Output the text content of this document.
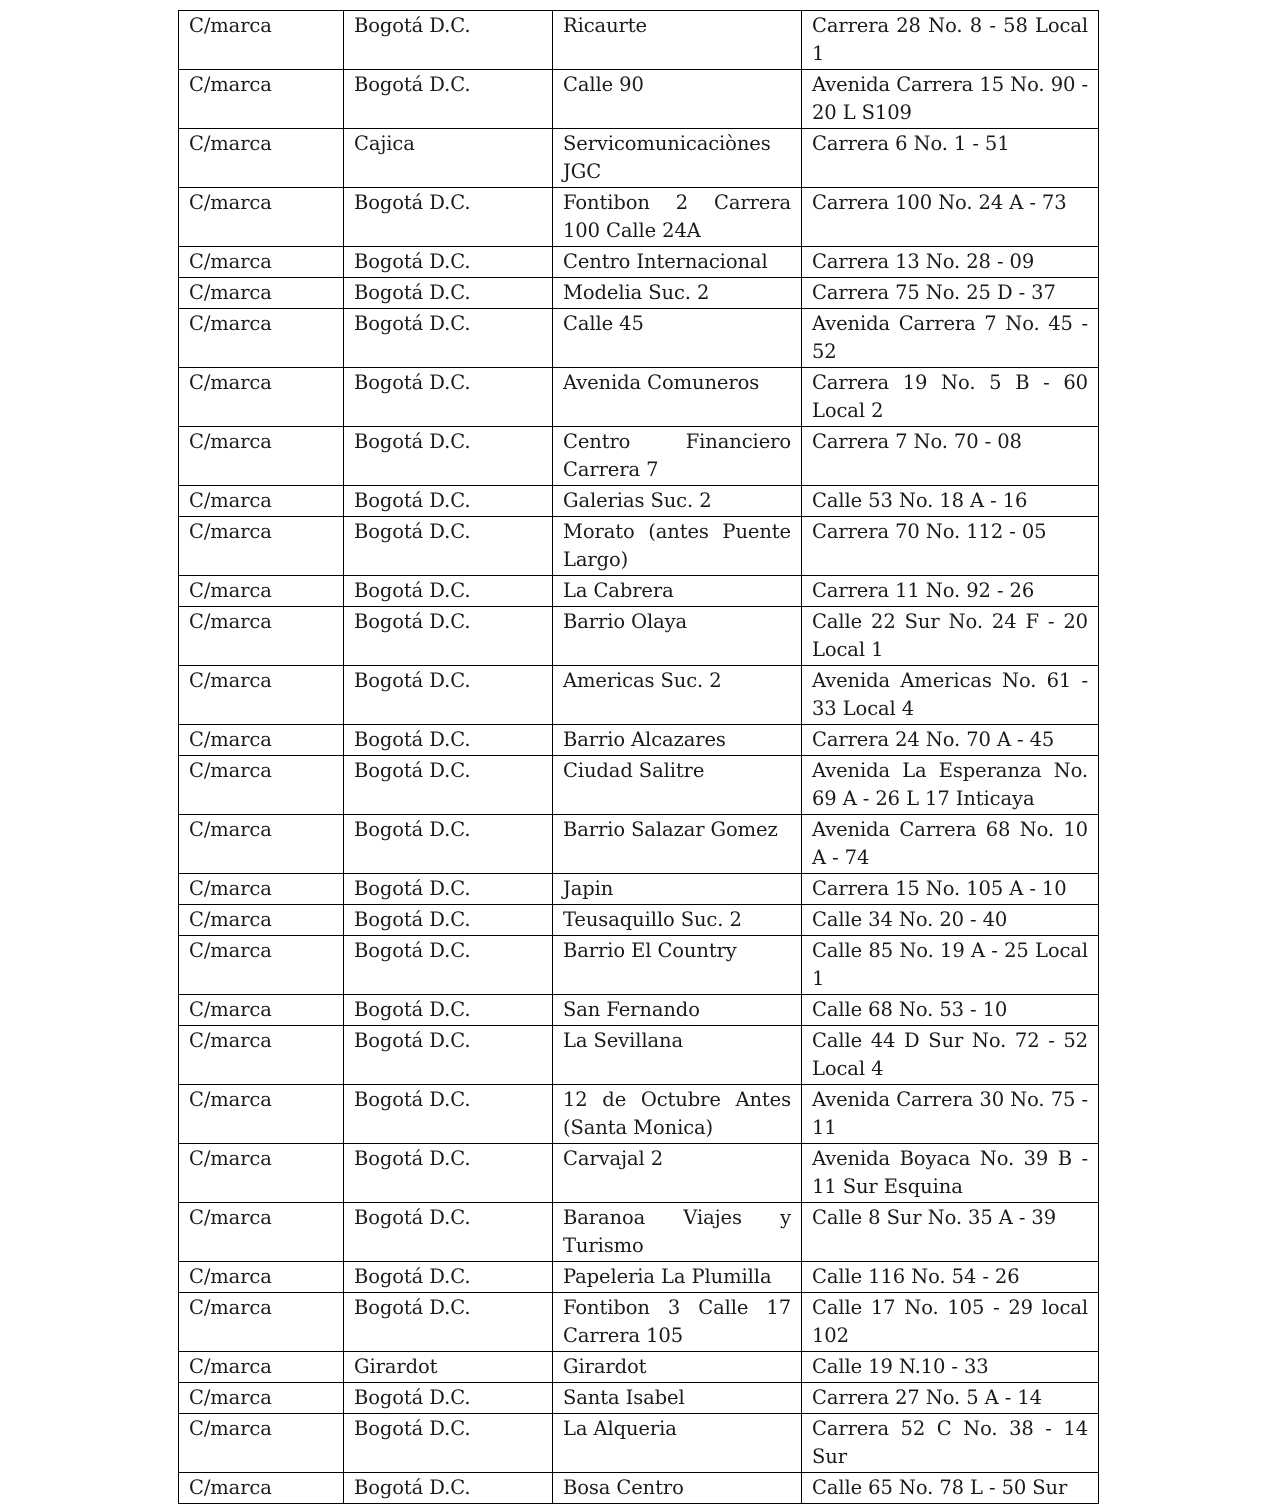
C/marca	Bogotá D.C.	Ricaurte	Carrera 28 No. 8 - 58 Local 1
C/marca	Bogotá D.C.	Calle 90	Avenida Carrera 15 No. 90 - 20 L S109
C/marca	Cajica	Servicomunicaciònes JGC	Carrera 6 No. 1 - 51
C/marca	Bogotá D.C.	Fontibon 2 Carrera 100 Calle 24A	Carrera 100 No. 24 A - 73
C/marca	Bogotá D.C.	Centro Internacional	Carrera 13 No. 28 - 09
C/marca	Bogotá D.C.	Modelia Suc. 2	Carrera 75 No. 25 D - 37
C/marca	Bogotá D.C.	Calle 45	Avenida Carrera 7 No. 45 - 52
C/marca	Bogotá D.C.	Avenida Comuneros	Carrera 19 No. 5 B - 60 Local 2
C/marca	Bogotá D.C.	Centro Financiero Carrera 7	Carrera 7 No. 70 - 08
C/marca	Bogotá D.C.	Galerias Suc. 2	Calle 53 No. 18 A - 16
C/marca	Bogotá D.C.	Morato (antes Puente Largo)	Carrera 70 No. 112 - 05
C/marca	Bogotá D.C.	La Cabrera	Carrera 11 No. 92 - 26
C/marca	Bogotá D.C.	Barrio Olaya	Calle 22 Sur No. 24 F - 20 Local 1
C/marca	Bogotá D.C.	Americas Suc. 2	Avenida Americas No. 61 - 33 Local 4
C/marca	Bogotá D.C.	Barrio Alcazares	Carrera 24 No. 70 A - 45
C/marca	Bogotá D.C.	Ciudad Salitre	Avenida La Esperanza No. 69 A - 26 L 17 Inticaya
C/marca	Bogotá D.C.	Barrio Salazar Gomez	Avenida Carrera 68 No. 10 A - 74
C/marca	Bogotá D.C.	Japin	Carrera 15 No. 105 A - 10
C/marca	Bogotá D.C.	Teusaquillo Suc. 2	Calle 34 No. 20 - 40
C/marca	Bogotá D.C.	Barrio El Country	Calle 85 No. 19 A - 25 Local 1
C/marca	Bogotá D.C.	San Fernando	Calle 68 No. 53 - 10
C/marca	Bogotá D.C.	La Sevillana	Calle 44 D Sur No. 72 - 52 Local 4
C/marca	Bogotá D.C.	12 de Octubre Antes (Santa Monica)	Avenida Carrera 30 No. 75 - 11
C/marca	Bogotá D.C.	Carvajal 2	Avenida Boyaca No. 39 B - 11 Sur Esquina
C/marca	Bogotá D.C.	Baranoa Viajes y Turismo	Calle 8 Sur No. 35 A - 39
C/marca	Bogotá D.C.	Papeleria La Plumilla	Calle 116 No. 54 - 26
C/marca	Bogotá D.C.	Fontibon 3 Calle 17 Carrera 105	Calle 17 No. 105 - 29 local 102
C/marca	Girardot	Girardot	Calle 19 N.10 - 33
C/marca	Bogotá D.C.	Santa Isabel	Carrera 27 No. 5 A - 14
C/marca	Bogotá D.C.	La Alqueria	Carrera 52 C No. 38 - 14 Sur
C/marca	Bogotá D.C.	Bosa Centro	Calle 65 No. 78 L - 50 Sur
